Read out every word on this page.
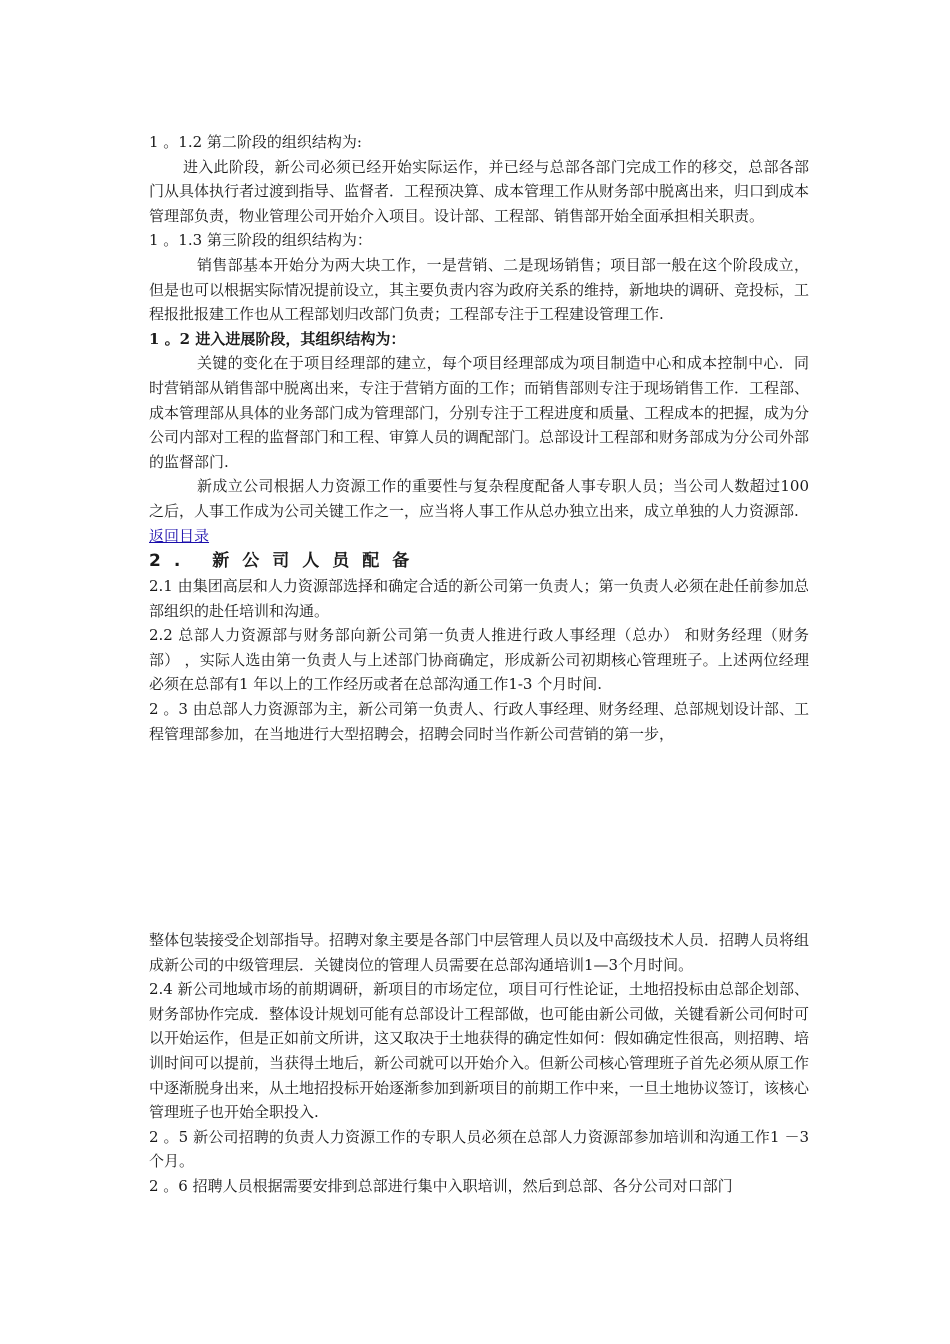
1 。1.2 第二阶段的组织结构为:

进入此阶段，新公司必须已经开始实际运作，并已经与总部各部门完成工作的移交，总部各部门从具体执行者过渡到指导、监督者．工程预决算、成本管理工作从财务部中脱离出来，归口到成本管理部负责，物业管理公司开始介入项目。设计部、工程部、销售部开始全面承担相关职责。

1 。1.3 第三阶段的组织结构为：

销售部基本开始分为两大块工作，一是营销、二是现场销售；项目部一般在这个阶段成立，但是也可以根据实际情况提前设立，其主要负责内容为政府关系的维持，新地块的调研、竞投标，工程报批报建工作也从工程部划归改部门负责；工程部专注于工程建设管理工作.

1 。2 进入进展阶段，其组织结构为：

关键的变化在于项目经理部的建立，每个项目经理部成为项目制造中心和成本控制中心．同时营销部从销售部中脱离出来，专注于营销方面的工作；而销售部则专注于现场销售工作．工程部、成本管理部从具体的业务部门成为管理部门，分别专注于工程进度和质量、工程成本的把握，成为分公司内部对工程的监督部门和工程、审算人员的调配部门。总部设计工程部和财务部成为分公司外部的监督部门.

新成立公司根据人力资源工作的重要性与复杂程度配备人事专职人员；当公司人数超过100 之后，人事工作成为公司关键工作之一，应当将人事工作从总办独立出来，成立单独的人力资源部.

返回目录

2. 新公司人员配备

2.1 由集团高层和人力资源部选择和确定合适的新公司第一负责人；第一负责人必须在赴任前参加总部组织的赴任培训和沟通。

2.2 总部人力资源部与财务部向新公司第一负责人推进行政人事经理（总办） 和财务经理（财务部） ，实际人选由第一负责人与上述部门协商确定，形成新公司初期核心管理班子。上述两位经理必须在总部有1 年以上的工作经历或者在总部沟通工作1-3 个月时间.

2 。3 由总部人力资源部为主，新公司第一负责人、行政人事经理、财务经理、总部规划设计部、工程管理部参加，在当地进行大型招聘会，招聘会同时当作新公司营销的第一步，

整体包装接受企划部指导。招聘对象主要是各部门中层管理人员以及中高级技术人员．招聘人员将组成新公司的中级管理层．关键岗位的管理人员需要在总部沟通培训1—3个月时间。

2.4 新公司地域市场的前期调研，新项目的市场定位，项目可行性论证，土地招投标由总部企划部、财务部协作完成．整体设计规划可能有总部设计工程部做，也可能由新公司做，关键看新公司何时可以开始运作，但是正如前文所讲，这又取决于土地获得的确定性如何：假如确定性很高，则招聘、培训时间可以提前，当获得土地后，新公司就可以开始介入。但新公司核心管理班子首先必须从原工作中逐渐脱身出来，从土地招投标开始逐渐参加到新项目的前期工作中来，一旦土地协议签订，该核心管理班子也开始全职投入.

2 。5 新公司招聘的负责人力资源工作的专职人员必须在总部人力资源部参加培训和沟通工作1 －3 个月。

2 。6 招聘人员根据需要安排到总部进行集中入职培训，然后到总部、各分公司对口部门
